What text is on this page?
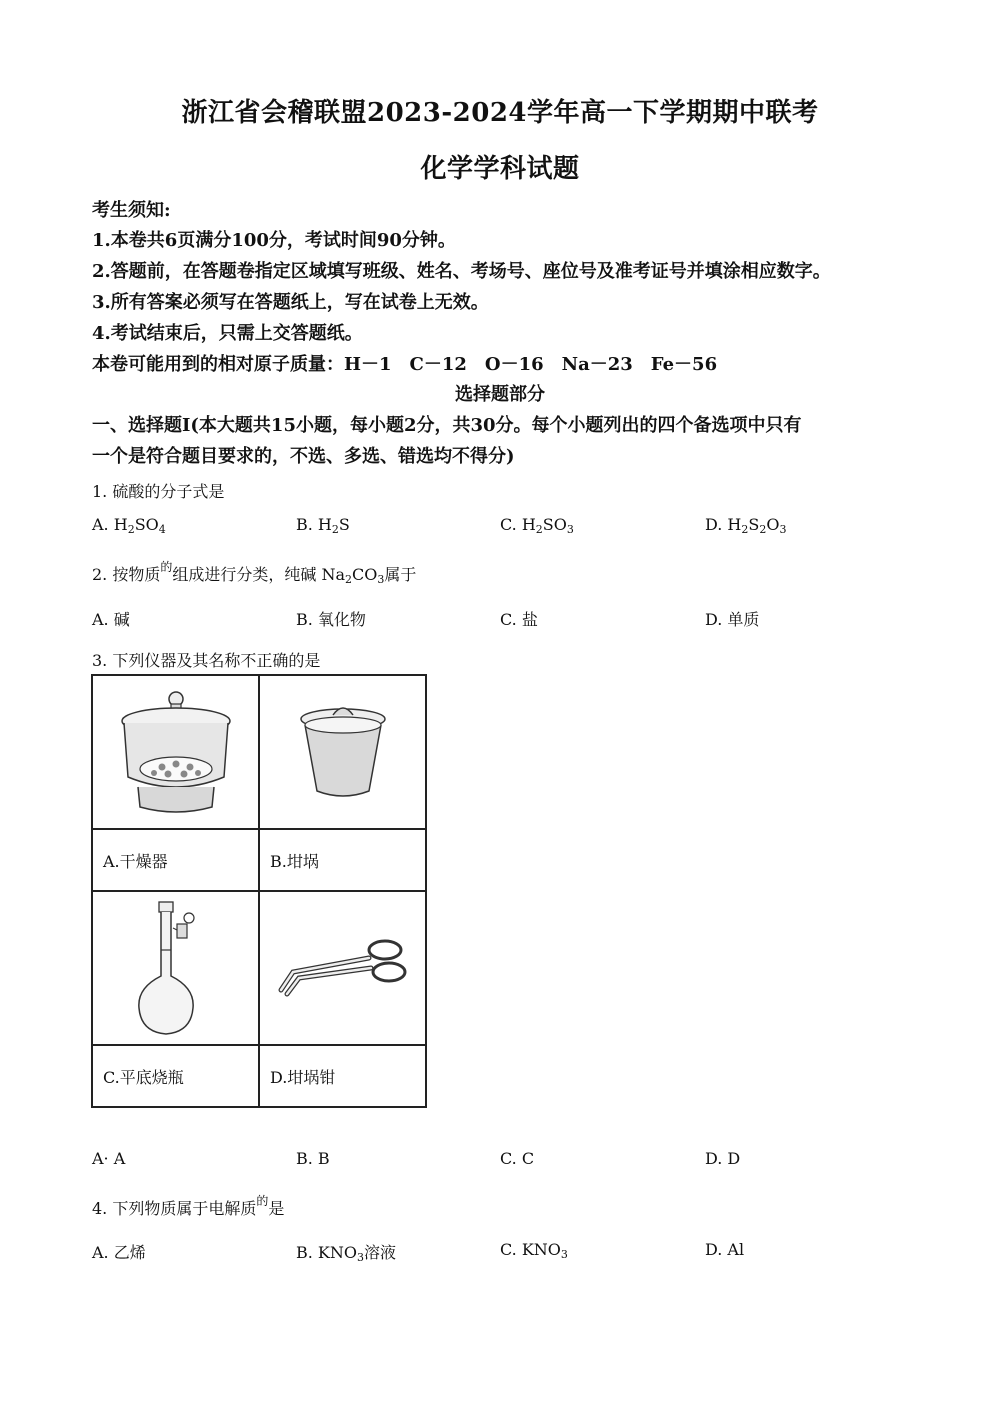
浙江省会稽联盟2023-2024学年高一下学期期中联考
化学学科试题
考生须知:
1.本卷共6页满分100分，考试时间90分钟。
2.答题前，在答题卷指定区域填写班级、姓名、考场号、座位号及准考证号并填涂相应数字。
3.所有答案必须写在答题纸上，写在试卷上无效。
4.考试结束后，只需上交答题纸。
本卷可能用到的相对原子质量：H－1　C－12　O－16　Na－23　Fe－56
选择题部分
一、选择题Ⅰ(本大题共15小题，每小题2分，共30分。每个小题列出的四个备选项中只有
一个是符合题目要求的，不选、多选、错选均不得分)
1. 硫酸的分子式是
A. $H_2SO_4$	B. $H_2S$	C. $H_2SO_3$	D. $H_2S_2O_3$
2. 按物质$^的$组成进行分类，纯碱 $Na_2CO_3$属于
A. 碱	B. 氧化物	C. 盐	D. 单质
3. 下列仪器及其名称不正确的是

A.干燥器	B.坩埚

C.平底烧瓶	D.坩埚钳
A· A	B. B	C. C	D. D
4. 下列物质属于电解质$^的$是
A. 乙烯	B. $KNO_3$溶液	C. $KNO_3$	D. Al
